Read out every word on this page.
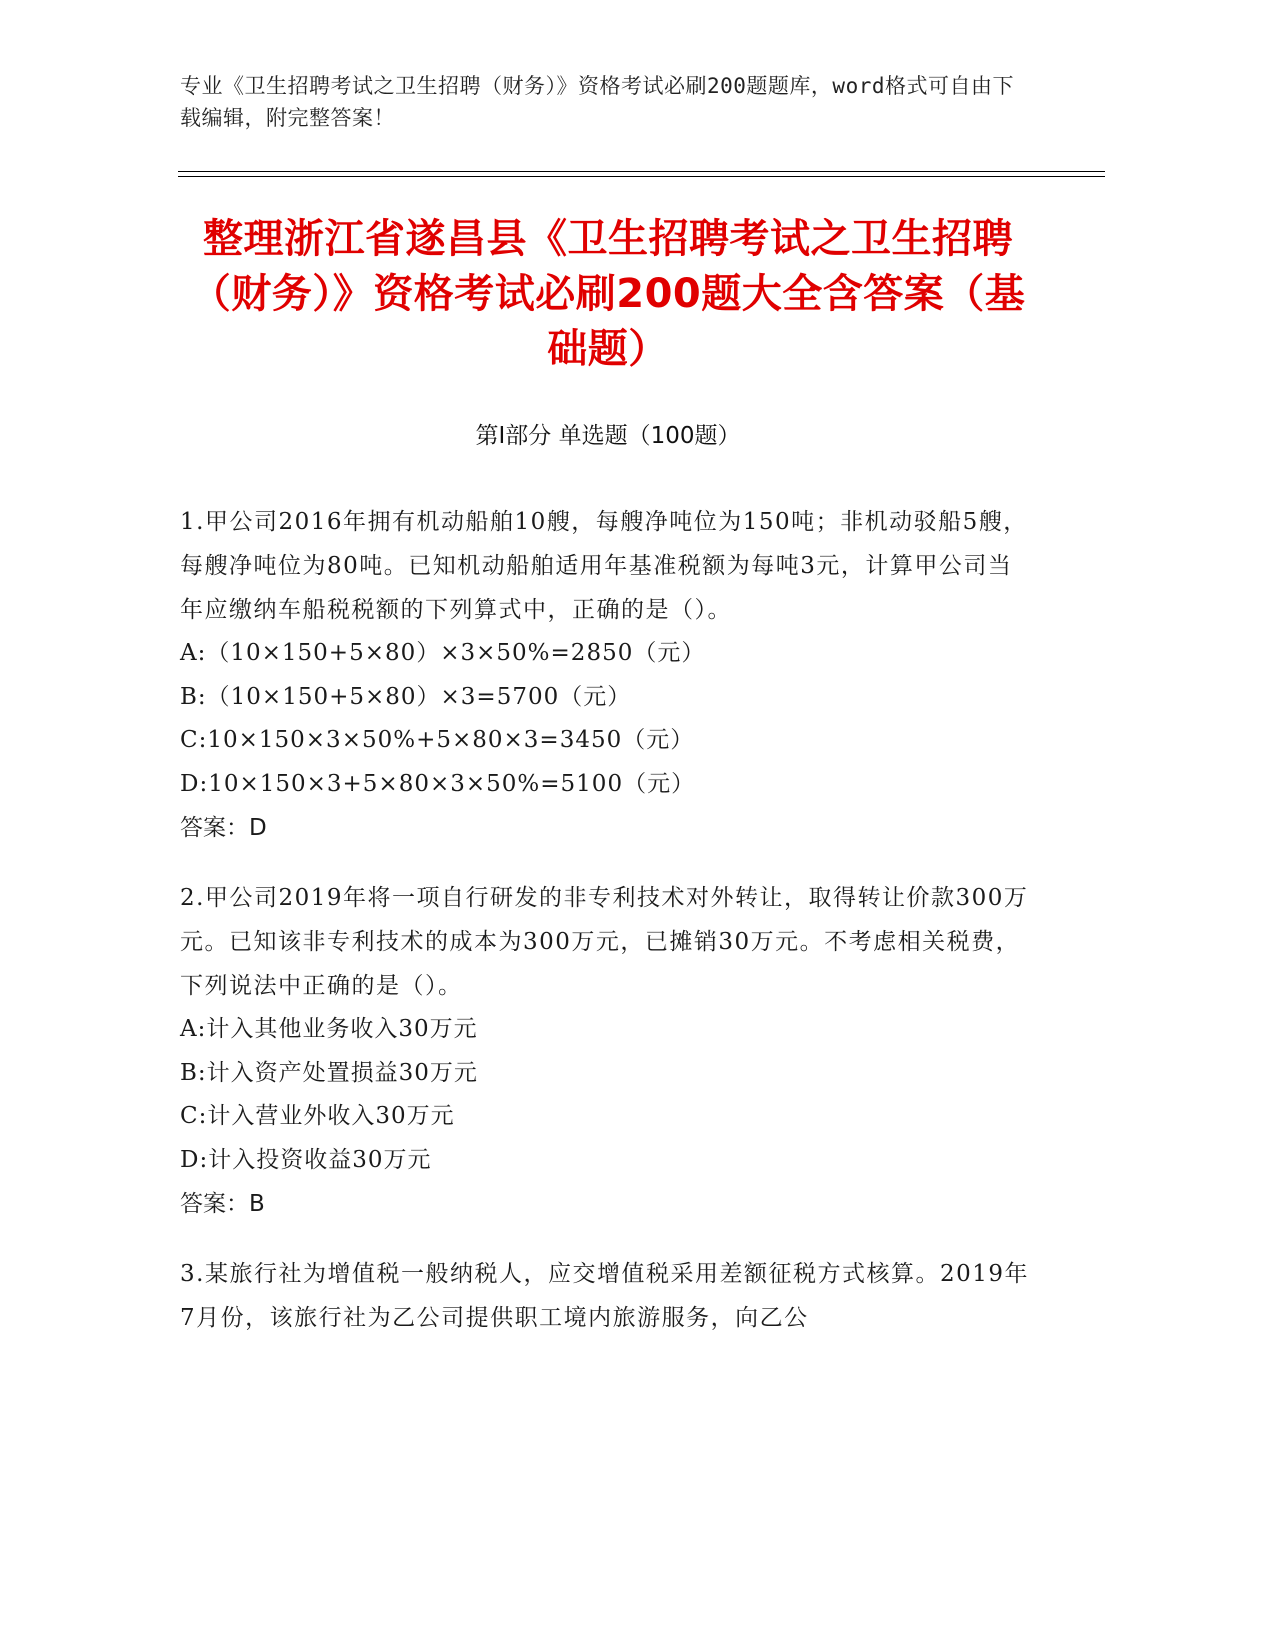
专业《卫生招聘考试之卫生招聘（财务）》资格考试必刷200题题库，word格式可自由下载编辑，附完整答案！
整理浙江省遂昌县《卫生招聘考试之卫生招聘（财务）》资格考试必刷200题大全含答案（基础题）
第Ⅰ部分 单选题（100题）

1.甲公司2016年拥有机动船舶10艘，每艘净吨位为150吨；非机动驳船5艘，每艘净吨位为80吨。已知机动船舶适用年基准税额为每吨3元，计算甲公司当年应缴纳车船税税额的下列算式中，正确的是（）。

A:（10×150+5×80）×3×50%=2850（元）

B:（10×150+5×80）×3=5700（元）

C:10×150×3×50%+5×80×3=3450（元）

D:10×150×3+5×80×3×50%=5100（元）

答案：D

2.甲公司2019年将一项自行研发的非专利技术对外转让，取得转让价款300万元。已知该非专利技术的成本为300万元，已摊销30万元。不考虑相关税费，下列说法中正确的是（）。

A:计入其他业务收入30万元

B:计入资产处置损益30万元

C:计入营业外收入30万元

D:计入投资收益30万元

答案：B

3.某旅行社为增值税一般纳税人，应交增值税采用差额征税方式核算。2019年7月份，该旅行社为乙公司提供职工境内旅游服务，向乙公
